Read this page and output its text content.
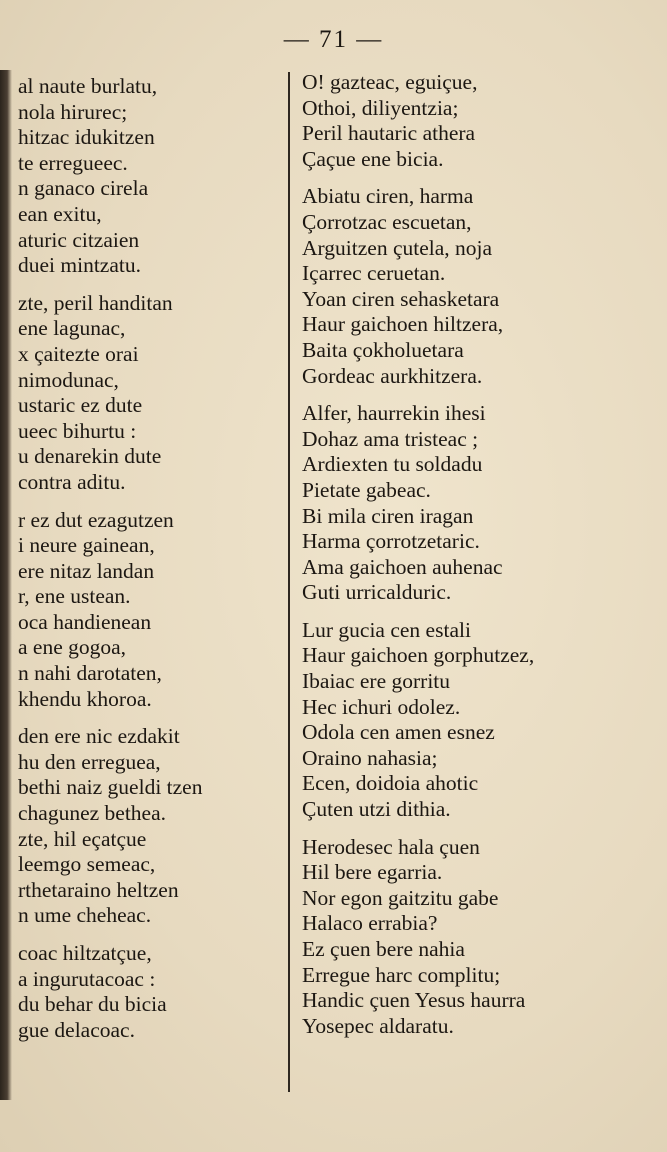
— 71 —
al naute burlatu,
nola hirurec;
hitzac idukitzen
te erregueec.
n ganaco cirela
ean exitu,
aturic citzaien
duei mintzatu.
zte, peril handitan
ene lagunac,
x çaitezte orai
nimodunac,
ustaric ez dute
ueec bihurtu :
u denarekin dute
contra aditu.
r ez dut ezagutzen
i neure gainean,
ere nitaz landan
r, ene ustean.
oca handienean
a ene gogoa,
n nahi darotaten,
khendu khoroa.
den ere nic ezdakit
hu den erreguea,
bethi naiz gueldi tzen
chagunez bethea.
zte, hil eçatçue
leemgo semeac,
rthetaraino heltzen
n ume cheheac.
coac hiltzatçue,
a ingurutacoac :
du behar du bicia
gue delacoac.
O! gazteac, eguiçue,
Othoi, diliyentzia;
Peril hautaric athera
Çaçue ene bicia.
Abiatu ciren, harma
Çorrotzac escuetan,
Arguitzen çutela, noja
Içarrec ceruetan.
Yoan ciren sehasketara
Haur gaichoen hiltzera,
Baita çokholuetara
Gordeac aurkhitzera.
Alfer, haurrekin ihesi
Dohaz ama tristeac ;
Ardiexten tu soldadu
Pietate gabeac.
Bi mila ciren iragan
Harma çorrotzetaric.
Ama gaichoen auhenac
Guti urricalduric.
Lur gucia cen estali
Haur gaichoen gorphutzez,
Ibaiac ere gorritu
Hec ichuri odolez.
Odola cen amen esnez
Oraino nahasia;
Ecen, doidoia ahotic
Çuten utzi dithia.
Herodesec hala çuen
Hil bere egarria.
Nor egon gaitzitu gabe
Halaco errabia?
Ez çuen bere nahia
Erregue harc complitu;
Handic çuen Yesus haurra
Yosepec aldaratu.
